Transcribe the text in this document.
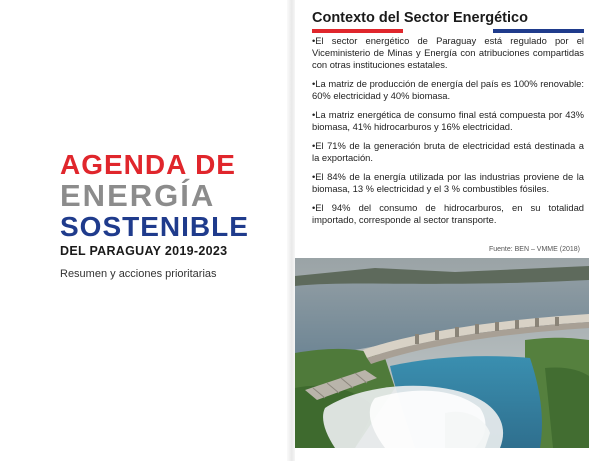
AGENDA DE
ENERGÍA
SOSTENIBLE
DEL PARAGUAY 2019-2023
Resumen y acciones prioritarias
Contexto del Sector Energético
•El sector energético de Paraguay está regulado por el Viceministerio de Minas y Energía con atribuciones compartidas con otras instituciones estatales.
•La matriz de producción de energía del país es 100% renovable: 60% electricidad y 40% biomasa.
•La matriz energética de consumo final está compuesta por 43% biomasa, 41% hidrocarburos y 16% electricidad.
•El 71% de la generación bruta de electricidad está destinada a la exportación.
•El 84% de la energía utilizada por las industrias proviene de la biomasa, 13 % electricidad y el 3 % combustibles fósiles.
•El 94% del consumo de hidrocarburos, en su totalidad importado, corresponde al sector transporte.
Fuente: BEN – VMME (2018)
